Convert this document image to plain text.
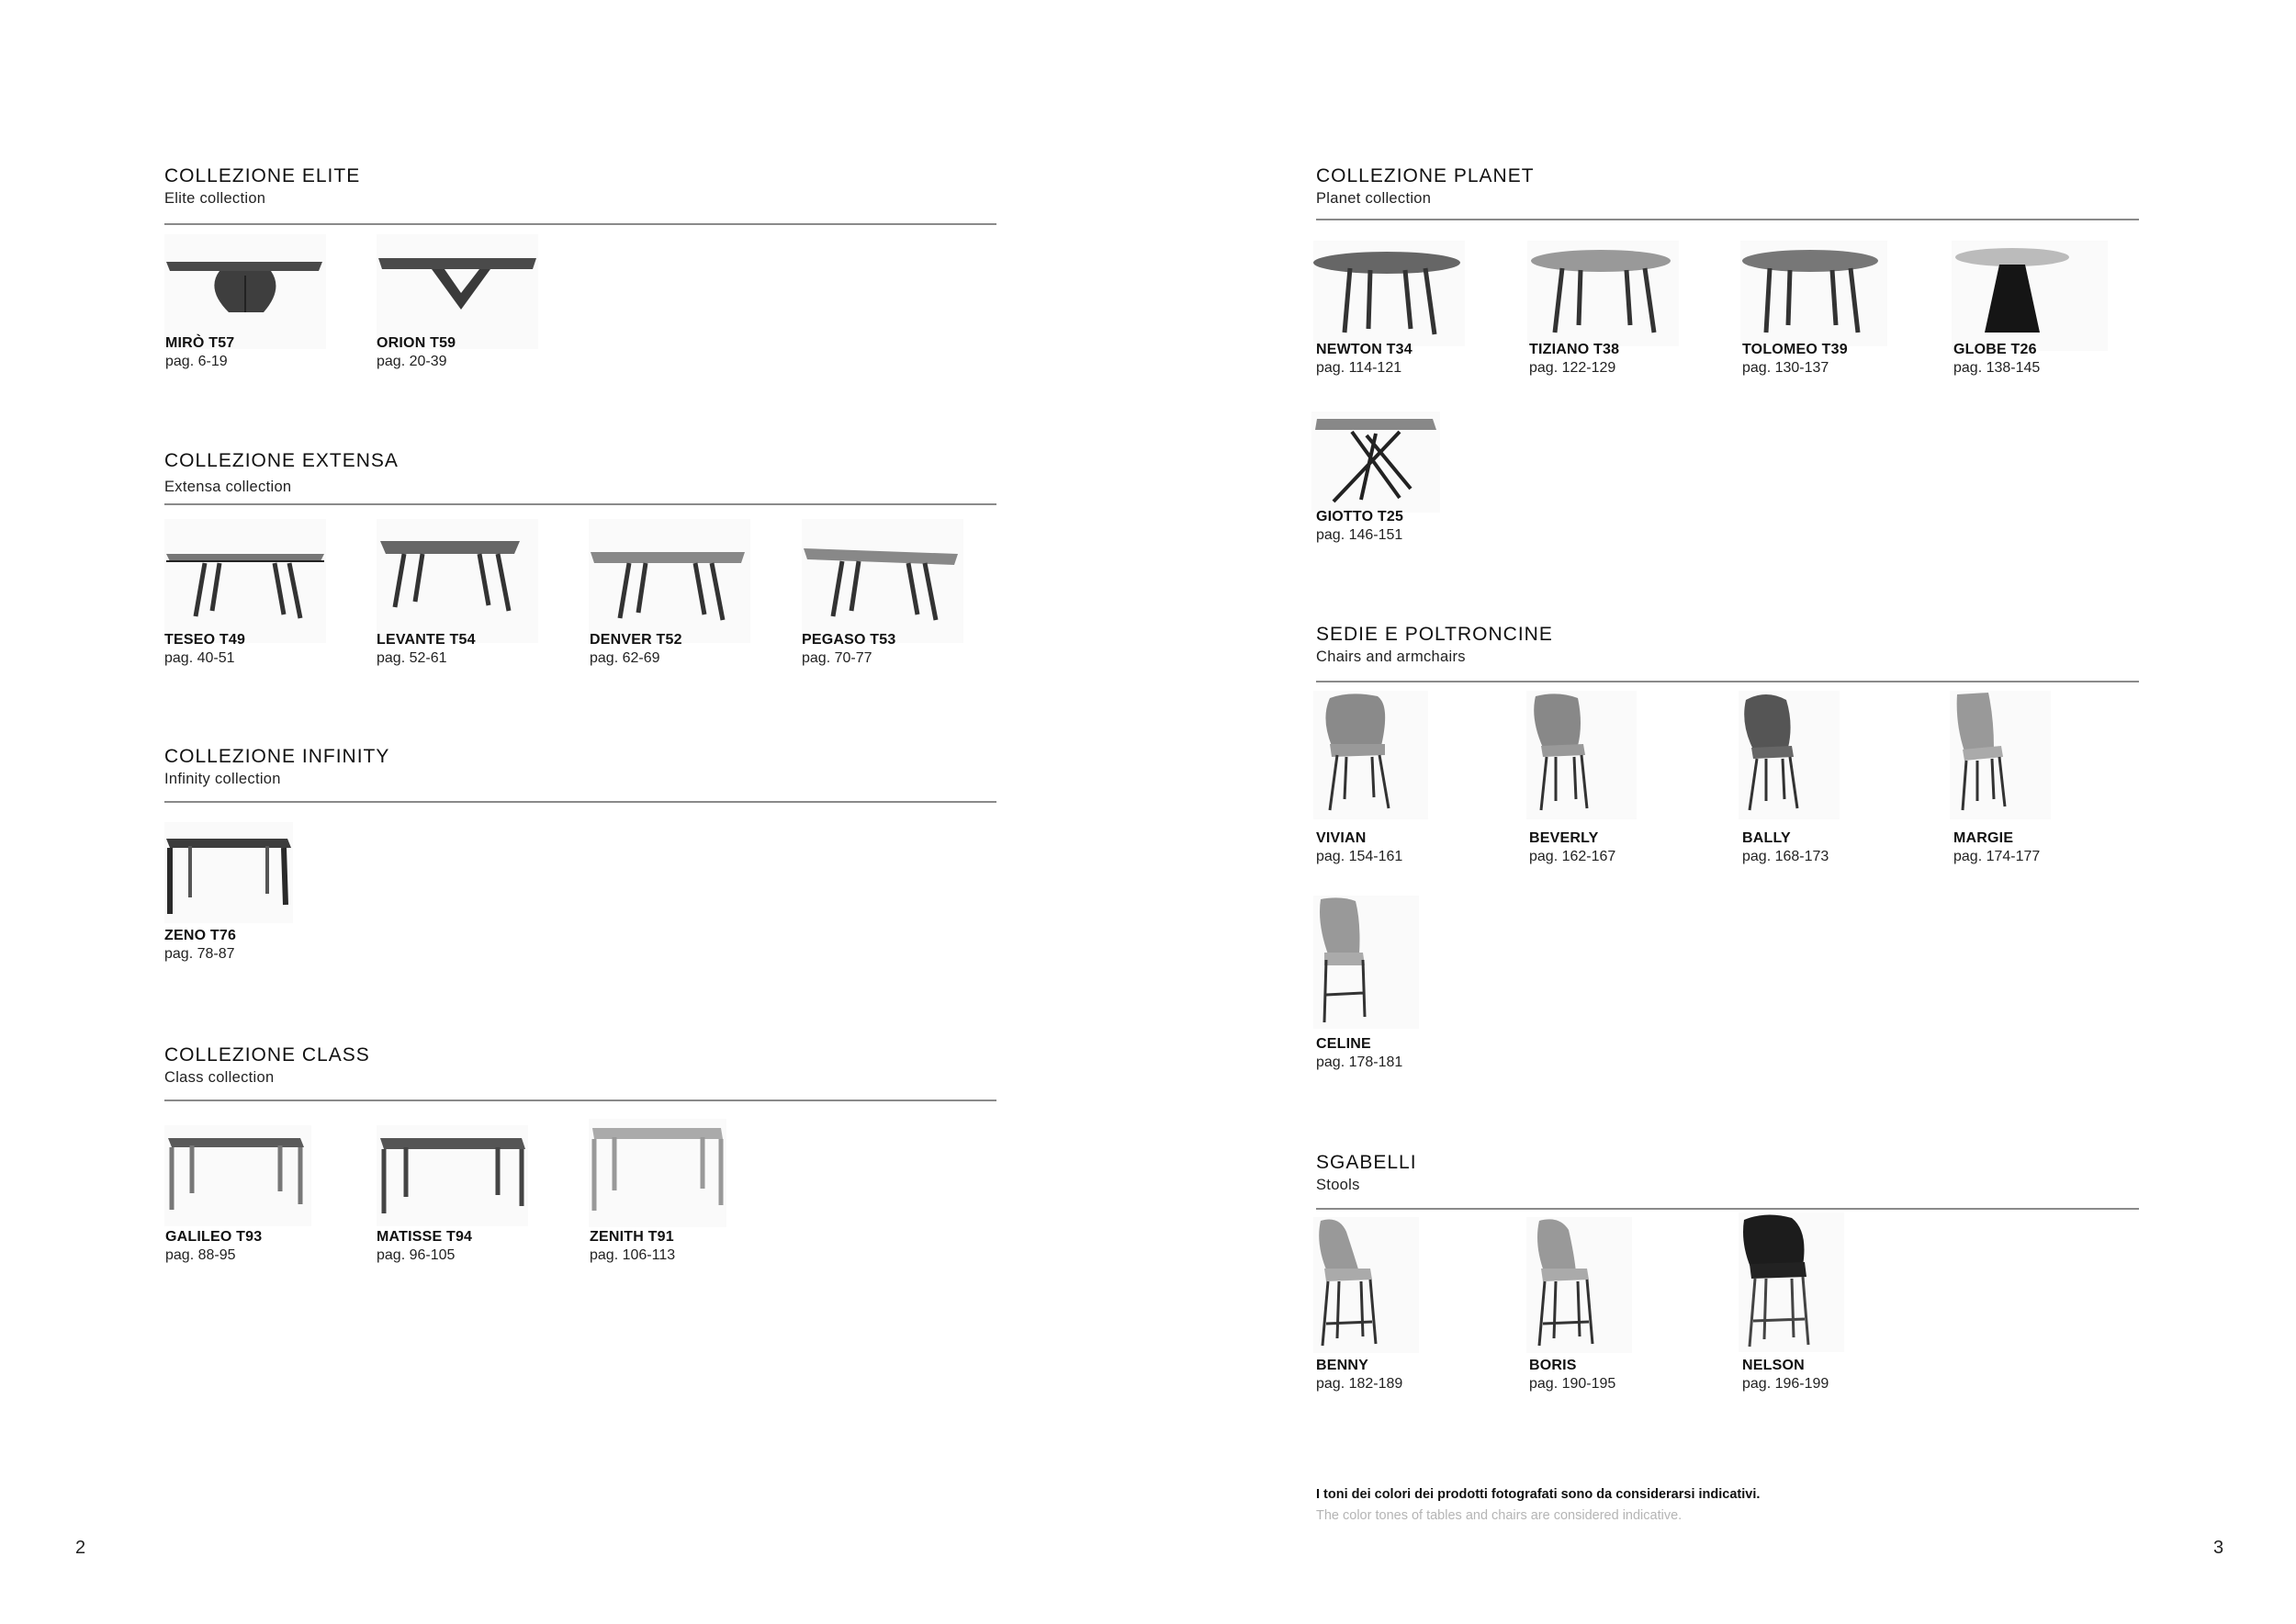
COLLEZIONE ELITE
Elite collection
MIRÒ T57
pag. 6-19
ORION T59
pag. 20-39
COLLEZIONE EXTENSA
Extensa collection
TESEO T49
pag. 40-51
LEVANTE T54
pag. 52-61
DENVER T52
pag. 62-69
PEGASO T53
pag. 70-77
COLLEZIONE INFINITY
Infinity collection
ZENO T76
pag. 78-87
COLLEZIONE CLASS
Class collection
GALILEO T93
pag. 88-95
MATISSE T94
pag. 96-105
ZENITH T91
pag. 106-113
2
COLLEZIONE PLANET
Planet collection
NEWTON T34
pag. 114-121
TIZIANO T38
pag. 122-129
TOLOMEO T39
pag. 130-137
GLOBE T26
pag. 138-145
GIOTTO T25
pag. 146-151
SEDIE E POLTRONCINE
Chairs and armchairs
VIVIAN
pag. 154-161
BEVERLY
pag. 162-167
BALLY
pag. 168-173
MARGIE
pag. 174-177
CELINE
pag. 178-181
SGABELLI
Stools
BENNY
pag. 182-189
BORIS
pag. 190-195
NELSON
pag. 196-199
I toni dei colori dei prodotti fotografati sono da considerarsi indicativi.
The color tones of tables and chairs are considered indicative.
3
